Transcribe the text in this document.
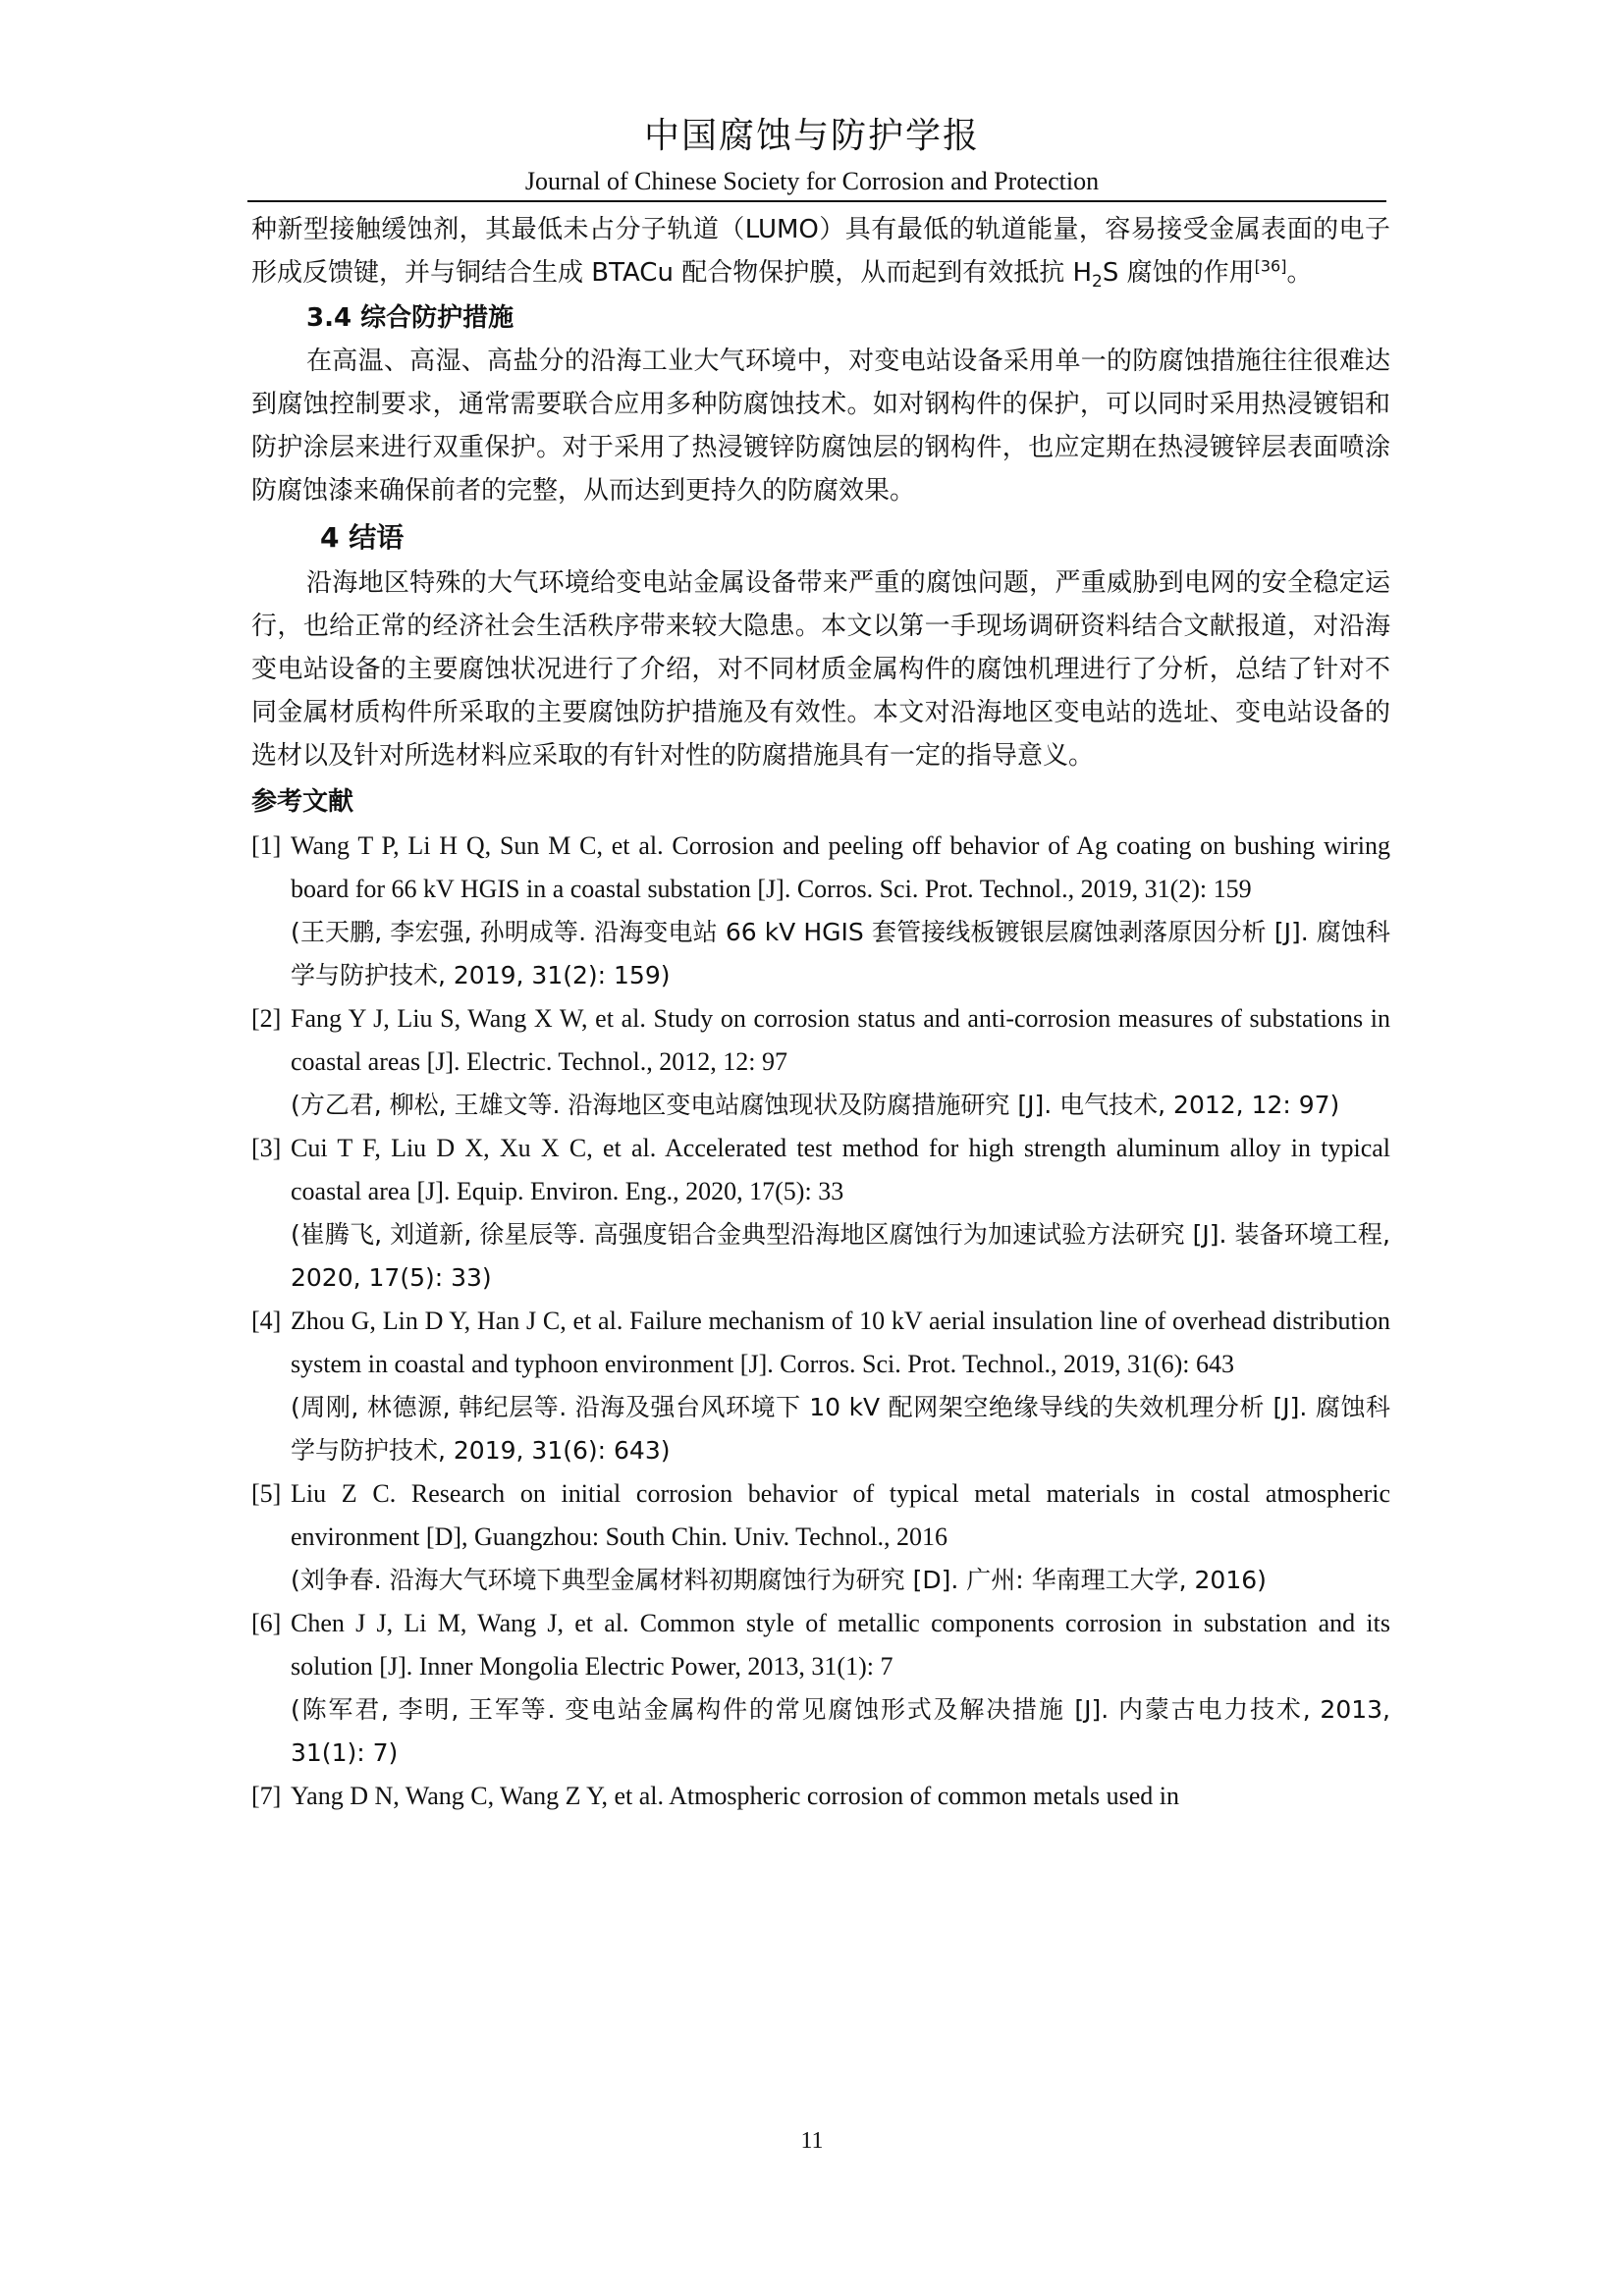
中国腐蚀与防护学报
Journal of Chinese Society for Corrosion and Protection

种新型接触缓蚀剂，其最低未占分子轨道（LUMO）具有最低的轨道能量，容易接受金属表面的电子形成反馈键，并与铜结合生成 BTACu 配合物保护膜，从而起到有效抵抗 $H_2S$ 腐蚀的作用[36]。

3.4 综合防护措施

在高温、高湿、高盐分的沿海工业大气环境中，对变电站设备采用单一的防腐蚀措施往往很难达到腐蚀控制要求，通常需要联合应用多种防腐蚀技术。如对钢构件的保护，可以同时采用热浸镀铝和防护涂层来进行双重保护。对于采用了热浸镀锌防腐蚀层的钢构件，也应定期在热浸镀锌层表面喷涂防腐蚀漆来确保前者的完整，从而达到更持久的防腐效果。

4 结语

沿海地区特殊的大气环境给变电站金属设备带来严重的腐蚀问题，严重威胁到电网的安全稳定运行，也给正常的经济社会生活秩序带来较大隐患。本文以第一手现场调研资料结合文献报道，对沿海变电站设备的主要腐蚀状况进行了介绍，对不同材质金属构件的腐蚀机理进行了分析，总结了针对不同金属材质构件所采取的主要腐蚀防护措施及有效性。本文对沿海地区变电站的选址、变电站设备的选材以及针对所选材料应采取的有针对性的防腐措施具有一定的指导意义。

参考文献

[1] Wang T P, Li H Q, Sun M C, et al. Corrosion and peeling off behavior of Ag coating on bushing wiring board for 66 kV HGIS in a coastal substation [J]. Corros. Sci. Prot. Technol., 2019, 31(2): 159

(王天鹏, 李宏强, 孙明成等. 沿海变电站 66 kV HGIS 套管接线板镀银层腐蚀剥落原因分析 [J]. 腐蚀科学与防护技术, 2019, 31(2): 159)

[2] Fang Y J, Liu S, Wang X W, et al. Study on corrosion status and anti-corrosion measures of substations in coastal areas [J]. Electric. Technol., 2012, 12: 97

(方乙君, 柳松, 王雄文等. 沿海地区变电站腐蚀现状及防腐措施研究 [J]. 电气技术, 2012, 12: 97)

[3] Cui T F, Liu D X, Xu X C, et al. Accelerated test method for high strength aluminum alloy in typical coastal area [J]. Equip. Environ. Eng., 2020, 17(5): 33

(崔腾飞, 刘道新, 徐星辰等. 高强度铝合金典型沿海地区腐蚀行为加速试验方法研究 [J]. 装备环境工程, 2020, 17(5): 33)

[4] Zhou G, Lin D Y, Han J C, et al. Failure mechanism of 10 kV aerial insulation line of overhead distribution system in coastal and typhoon environment [J]. Corros. Sci. Prot. Technol., 2019, 31(6): 643

(周刚, 林德源, 韩纪层等. 沿海及强台风环境下 10 kV 配网架空绝缘导线的失效机理分析 [J]. 腐蚀科学与防护技术, 2019, 31(6): 643)

[5] Liu Z C. Research on initial corrosion behavior of typical metal materials in costal atmospheric environment [D], Guangzhou: South Chin. Univ. Technol., 2016

(刘争春. 沿海大气环境下典型金属材料初期腐蚀行为研究 [D]. 广州: 华南理工大学, 2016)

[6] Chen J J, Li M, Wang J, et al. Common style of metallic components corrosion in substation and its solution [J]. Inner Mongolia Electric Power, 2013, 31(1): 7

(陈军君, 李明, 王军等. 变电站金属构件的常见腐蚀形式及解决措施 [J]. 内蒙古电力技术, 2013, 31(1): 7)

[7] Yang D N, Wang C, Wang Z Y, et al. Atmospheric corrosion of common metals used in

11
